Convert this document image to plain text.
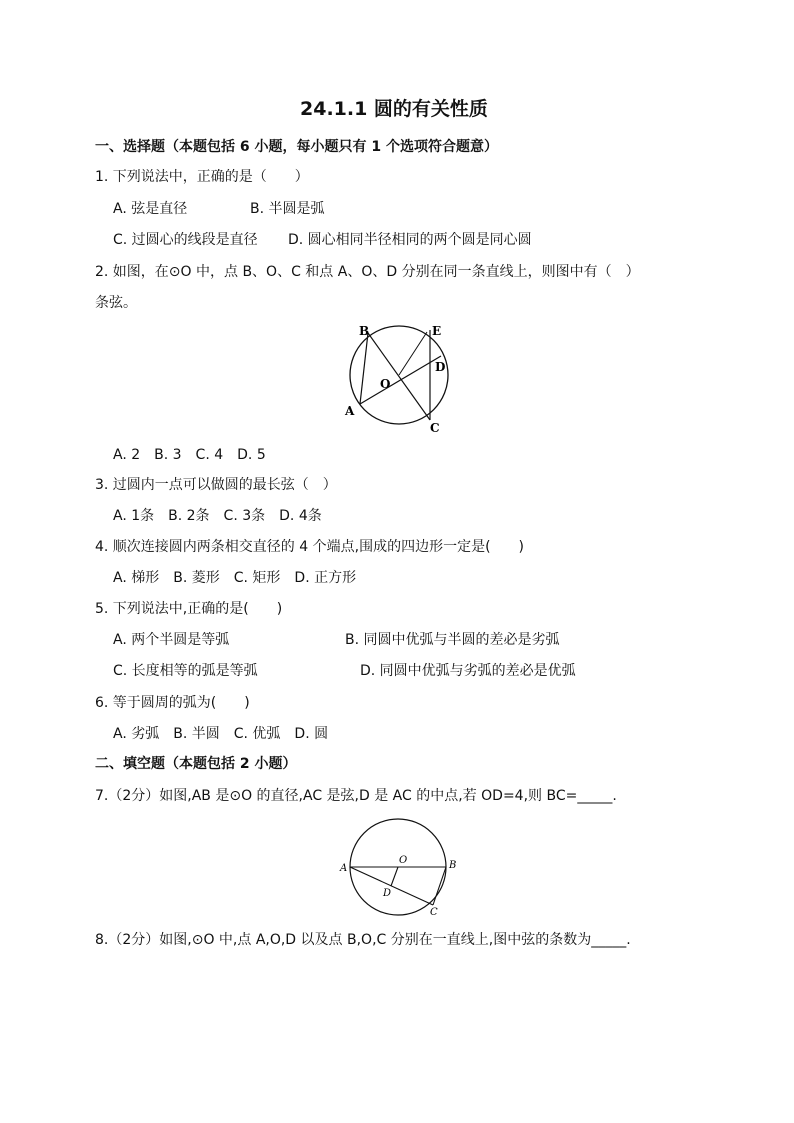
24.1.1 圆的有关性质
一、选择题（本题包括 6 小题，每小题只有 1 个选项符合题意）
1. 下列说法中，正确的是（　　）
A. 弦是直径	B. 半圆是弧
C. 过圆心的线段是直径 D. 圆心相同半径相同的两个圆是同心圆
2. 如图，在⊙O 中，点 B、O、C 和点 A、O、D 分别在同一条直线上，则图中有（　）
条弦。
B	E
D
O
A
C
A. 2　B. 3　C. 4　D. 5
3. 过圆内一点可以做圆的最长弦（　）
A. 1条　B. 2条　C. 3条　D. 4条
4. 顺次连接圆内两条相交直径的 4 个端点,围成的四边形一定是(　　)
A. 梯形　B. 菱形　C. 矩形　D. 正方形
5. 下列说法中,正确的是(　　)
A. 两个半圆是等弧	B. 同圆中优弧与半圆的差必是劣弧
C. 长度相等的弧是等弧	D. 同圆中优弧与劣弧的差必是优弧
6. 等于圆周的弧为(　　)
A. 劣弧　B. 半圆　C. 优弧　D. 圆
二、填空题（本题包括 2 小题）
7.（2分）如图,AB 是⊙O 的直径,AC 是弦,D 是 AC 的中点,若 OD=4,则 BC=_____.
A	B
O
D
C
8.（2分）如图,⊙O 中,点 A,O,D 以及点 B,O,C 分别在一直线上,图中弦的条数为_____.
